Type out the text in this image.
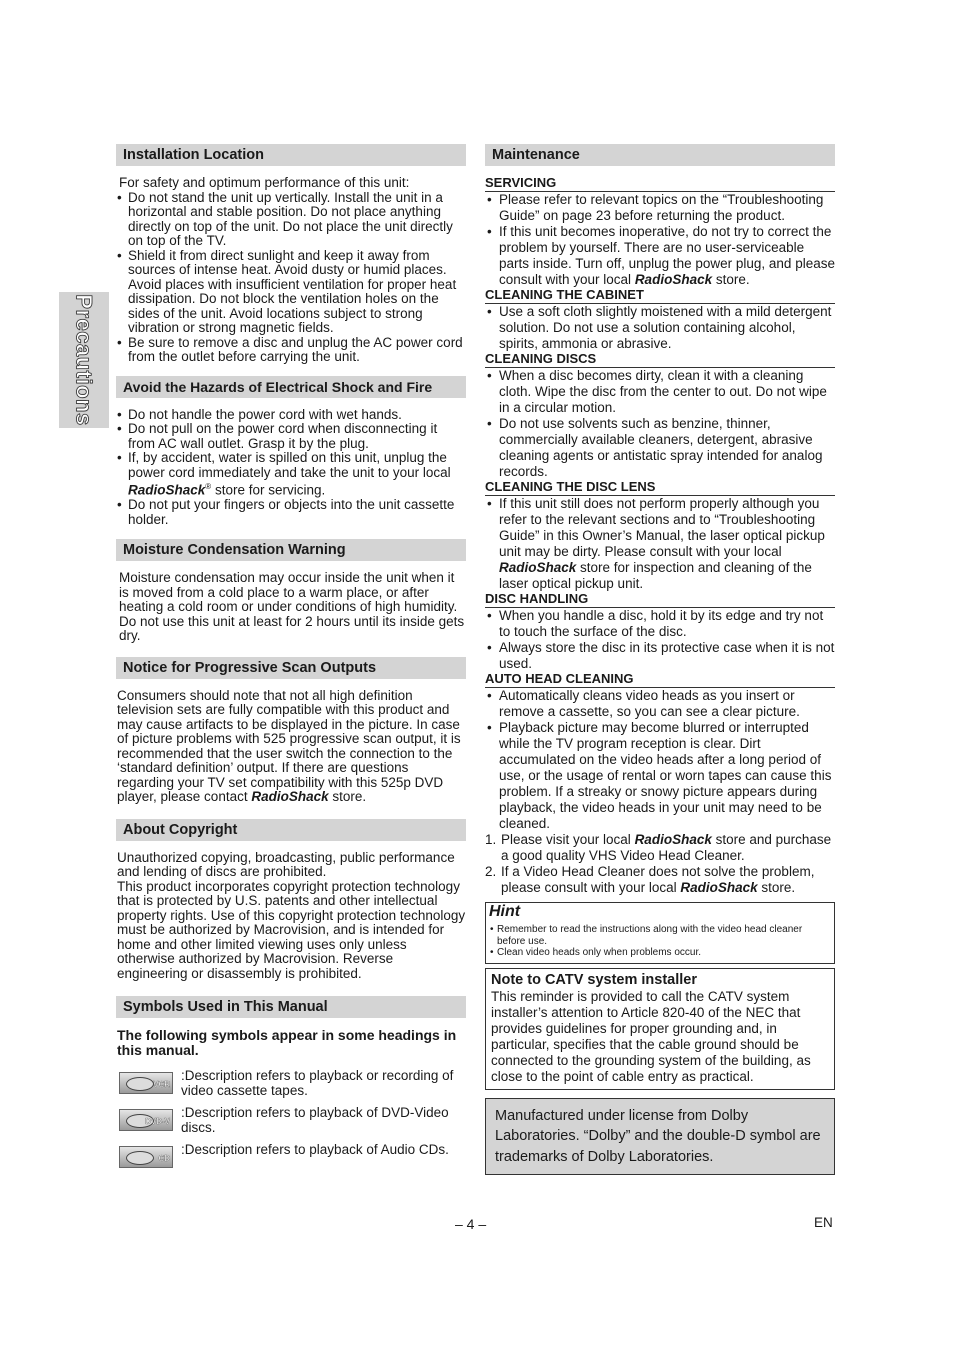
Precautions
Installation Location

For safety and optimum performance of this unit:

• Do not stand the unit up vertically. Install the unit in a horizontal and stable position. Do not place anything directly on top of the unit. Do not place the unit directly on top of the TV.
• Shield it from direct sunlight and keep it away from sources of intense heat. Avoid dusty or humid places. Avoid places with insufficient ventilation for proper heat dissipation. Do not block the ventilation holes on the sides of the unit. Avoid locations subject to strong vibration or strong magnetic fields.
• Be sure to remove a disc and unplug the AC power cord from the outlet before carrying the unit.
Avoid the Hazards of Electrical Shock and Fire
• Do not handle the power cord with wet hands.
• Do not pull on the power cord when disconnecting it from AC wall outlet. Grasp it by the plug.
• If, by accident, water is spilled on this unit, unplug the power cord immediately and take the unit to your local RadioShack® store for servicing.
• Do not put your fingers or objects into the unit cassette holder.
Moisture Condensation Warning

Moisture condensation may occur inside the unit when it is moved from a cold place to a warm place, or after heating a cold room or under conditions of high humidity. Do not use this unit at least for 2 hours until its inside gets dry.

Notice for Progressive Scan Outputs

Consumers should note that not all high definition television sets are fully compatible with this product and may cause artifacts to be displayed in the picture. In case of picture problems with 525 progressive scan output, it is recommended that the user switch the connection to the ‘standard definition’ output. If there are questions regarding your TV set compatibility with this 525p DVD player, please contact RadioShack store.

About Copyright

Unauthorized copying, broadcasting, public performance and lending of discs are prohibited.

This product incorporates copyright protection technology that is protected by U.S. patents and other intellectual property rights. Use of this copyright protection technology must be authorized by Macrovision, and is intended for home and other limited viewing uses only unless otherwise authorized by Macrovision. Reverse engineering or disassembly is prohibited.

Symbols Used in This Manual

The following symbols appear in some headings in this manual.

VCR
:Description refers to playback or recording of video cassette tapes.
DVD-V
:Description refers to playback of DVD-Video discs.
CD
:Description refers to playback of Audio CDs.
Maintenance
SERVICING
• Please refer to relevant topics on the “Troubleshooting Guide” on page 23 before returning the product.
• If this unit becomes inoperative, do not try to correct the problem by yourself. There are no user-serviceable parts inside. Turn off, unplug the power plug, and please consult with your local RadioShack store.
CLEANING THE CABINET
• Use a soft cloth slightly moistened with a mild detergent solution. Do not use a solution containing alcohol, spirits, ammonia or abrasive.
CLEANING DISCS
• When a disc becomes dirty, clean it with a cleaning cloth. Wipe the disc from the center to out. Do not wipe in a circular motion.
• Do not use solvents such as benzine, thinner, commercially available cleaners, detergent, abrasive cleaning agents or antistatic spray intended for analog records.
CLEANING THE DISC LENS
• If this unit still does not perform properly although you refer to the relevant sections and to “Troubleshooting Guide” in this Owner’s Manual, the laser optical pickup unit may be dirty. Please consult with your local RadioShack store for inspection and cleaning of the laser optical pickup unit.
DISC HANDLING
• When you handle a disc, hold it by its edge and try not to touch the surface of the disc.
• Always store the disc in its protective case when it is not used.
AUTO HEAD CLEANING
• Automatically cleans video heads as you insert or remove a cassette, so you can see a clear picture.
• Playback picture may become blurred or interrupted while the TV program reception is clear. Dirt accumulated on the video heads after a long period of use, or the usage of rental or worn tapes can cause this problem. If a streaky or snowy picture appears during playback, the video heads in your unit may need to be cleaned.
1. Please visit your local RadioShack store and purchase a good quality VHS Video Head Cleaner.
2. If a Video Head Cleaner does not solve the problem, please consult with your local RadioShack store.
Hint
• Remember to read the instructions along with the video head cleaner before use.
• Clean video heads only when problems occur.
Note to CATV system installer
This reminder is provided to call the CATV system installer’s attention to Article 820-40 of the NEC that provides guidelines for proper grounding and, in particular, specifies that the cable ground should be connected to the grounding system of the building, as close to the point of cable entry as practical.
Manufactured under license from Dolby Laboratories. “Dolby” and the double-D symbol are trademarks of Dolby Laboratories.
– 4 –	EN
